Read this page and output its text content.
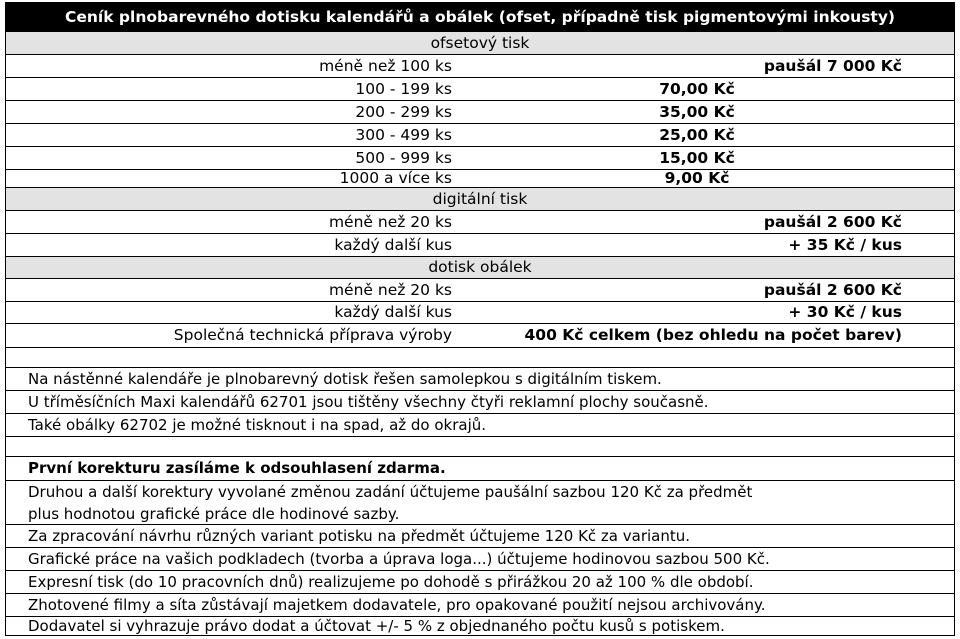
Ceník plnobarevného dotisku kalendářů a obálek (ofset, případně tisk pigmentovými inkousty)
ofsetový tisk
méně než 100 ks	paušál 7 000 Kč
100 - 199 ks	70,00 Kč
200 - 299 ks	35,00 Kč
300 - 499 ks	25,00 Kč
500 - 999 ks	15,00 Kč
1000 a více ks	9,00 Kč
digitální tisk
méně než 20 ks	paušál 2 600 Kč
každý další kus	+ 35 Kč / kus
dotisk obálek
méně než 20 ks	paušál 2 600 Kč
každý další kus	+ 30 Kč / kus
Společná technická příprava výroby	400 Kč celkem (bez ohledu na počet barev)
Na nástěnné kalendáře je plnobarevný dotisk řešen samolepkou s digitálním tiskem.
U tříměsíčních Maxi kalendářů 62701 jsou tištěny všechny čtyři reklamní plochy současně.
Také obálky 62702 je možné tisknout i na spad, až do okrajů.
První korekturu zasíláme k odsouhlasení zdarma.
Druhou a další korektury vyvolané změnou zadání účtujeme paušální sazbou 120 Kč za předmět
plus hodnotou grafické práce dle hodinové sazby.
Za zpracování návrhu různých variant potisku na předmět účtujeme 120 Kč za variantu.
Grafické práce na vašich podkladech (tvorba a úprava loga...) účtujeme hodinovou sazbou 500 Kč.
Expresní tisk (do 10 pracovních dnů) realizujeme po dohodě s přirážkou 20 až 100 % dle období.
Zhotovené filmy a síta zůstávají majetkem dodavatele, pro opakované použití nejsou archivovány.
Dodavatel si vyhrazuje právo dodat a účtovat +/- 5 % z objednaného počtu kusů s potiskem.
